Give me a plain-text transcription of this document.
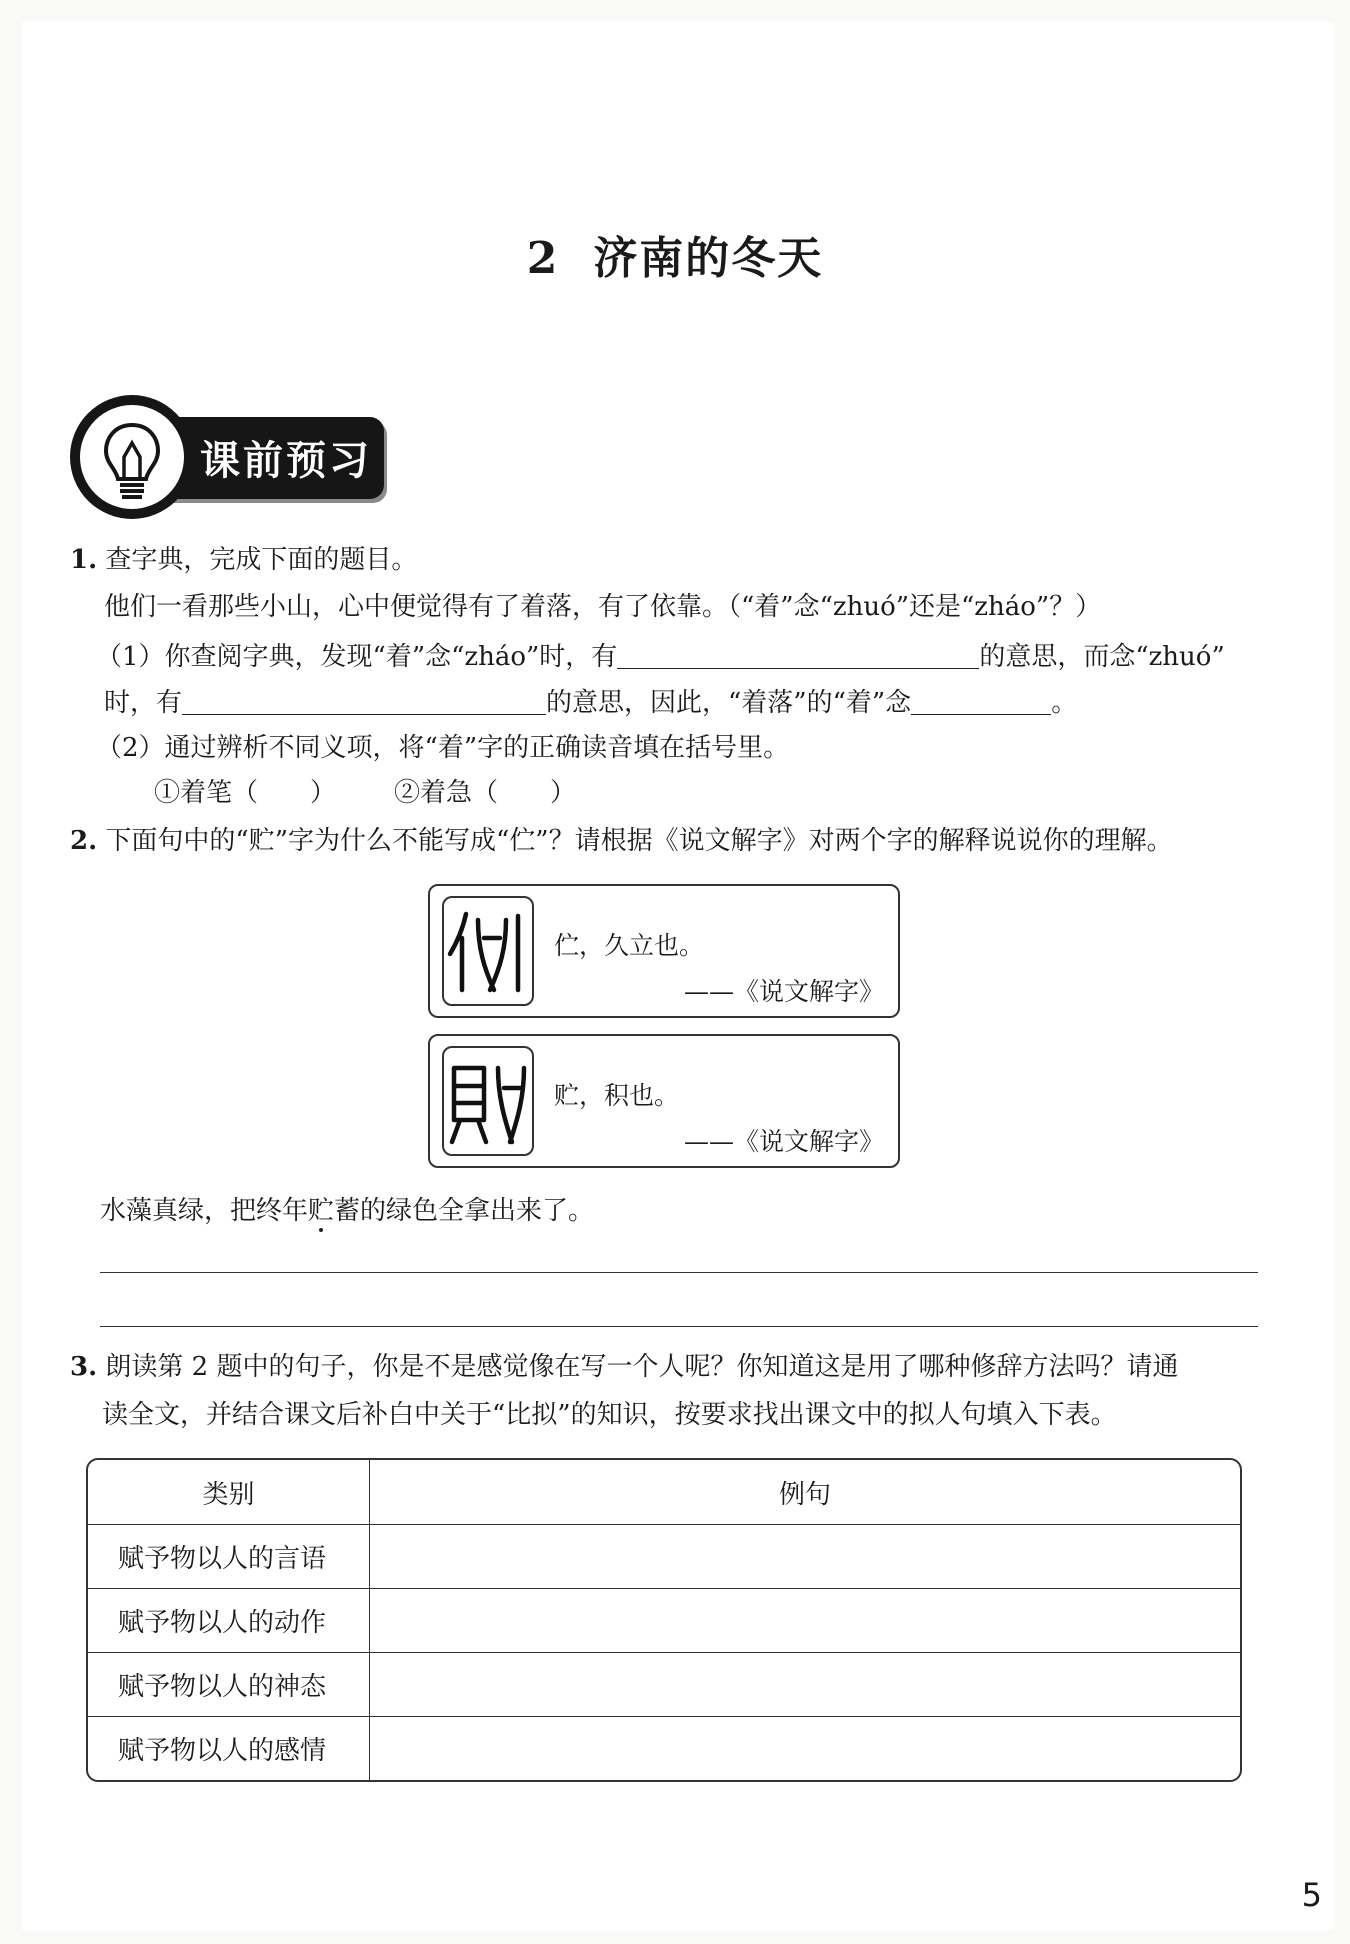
2 济南的冬天
课前预习
1. 查字典，完成下面的题目。
他们一看那些小山，心中便觉得有了着落，有了依靠。（“着”念“zhuó”还是“zháo”？）
（1）你查阅字典，发现“着”念“zháo”时，有	的意思，而念“zhuó”
时，有	的意思，因此，“着落”的“着”念	。
（2）通过辨析不同义项，将“着”字的正确读音填在括号里。
①着笔（　　） ②着急（　　）
2. 下面句中的“贮”字为什么不能写成“伫”？请根据《说文解字》对两个字的解释说说你的理解。
伫，久立也。
——《说文解字》
贮，积也。
——《说文解字》
水藻真绿，把终年贮
蓄的绿色全拿出来了。
3. 朗读第 2 题中的句子，你是不是感觉像在写一个人呢？你知道这是用了哪种修辞方法吗？请通
读全文，并结合课文后补白中关于“比拟”的知识，按要求找出课文中的拟人句填入下表。
类别	例句
赋予物以人的言语	
赋予物以人的动作	
赋予物以人的神态	
赋予物以人的感情	
5
